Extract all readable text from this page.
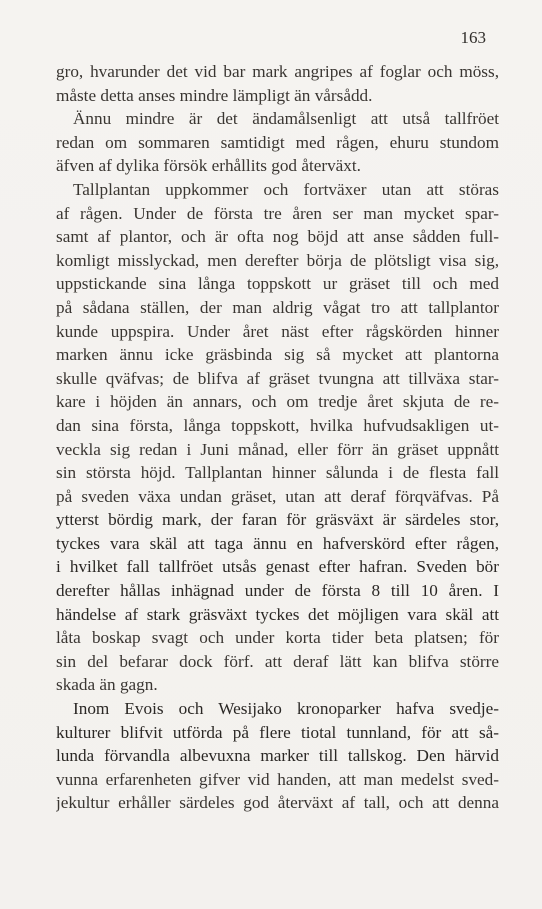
163
gro, hvarunder det vid bar mark angripes af foglar och möss,
måste detta anses mindre lämpligt än vårsådd.
Ännu mindre är det ändamålsenligt att utså tallfröet
redan om sommaren samtidigt med rågen, ehuru stundom
äfven af dylika försök erhållits god återväxt.
Tallplantan uppkommer och fortväxer utan att störas
af rågen. Under de första tre åren ser man mycket spar-
samt af plantor, och är ofta nog böjd att anse sådden full-
komligt misslyckad, men derefter börja de plötsligt visa sig,
uppstickande sina långa toppskott ur gräset till och med
på sådana ställen, der man aldrig vågat tro att tallplantor
kunde uppspira. Under året näst efter rågskörden hinner
marken ännu icke gräsbinda sig så mycket att plantorna
skulle qväfvas; de blifva af gräset tvungna att tillväxa star-
kare i höjden än annars, och om tredje året skjuta de re-
dan sina första, långa toppskott, hvilka hufvudsakligen ut-
veckla sig redan i Juni månad, eller förr än gräset uppnått
sin största höjd. Tallplantan hinner sålunda i de flesta fall
på sveden växa undan gräset, utan att deraf förqväfvas. På
ytterst bördig mark, der faran för gräsväxt är särdeles stor,
tyckes vara skäl att taga ännu en hafverskörd efter rågen,
i hvilket fall tallfröet utsås genast efter hafran. Sveden bör
derefter hållas inhägnad under de första 8 till 10 åren. I
händelse af stark gräsväxt tyckes det möjligen vara skäl att
låta boskap svagt och under korta tider beta platsen; för
sin del befarar dock förf. att deraf lätt kan blifva större
skada än gagn.
Inom Evois och Wesijako kronoparker hafva svedje-
kulturer blifvit utförda på flere tiotal tunnland, för att så-
lunda förvandla albevuxna marker till tallskog. Den härvid
vunna erfarenheten gifver vid handen, att man medelst sved-
jekultur erhåller särdeles god återväxt af tall, och att denna
